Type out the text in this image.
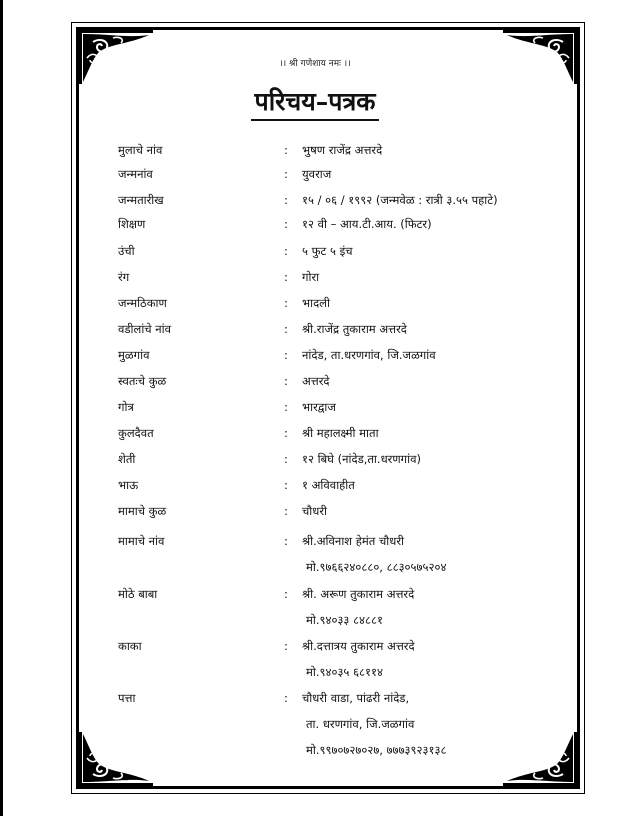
।। श्री गणेशाय नमः ।।
परिचय–पत्रक
मुलाचे नांव	: भुषण राजेंद्र अत्तरदे
जन्मनांव	: युवराज
जन्मतारीख	: १५ / ०६ / १९९२ (जन्मवेळ : रात्री ३.५५ पहाटे)
शिक्षण	: १२ वी – आय.टी.आय. (फिटर)
उंची	: ५ फुट ५ इंच
रंग	: गोरा
जन्मठिकाण	: भादली
वडीलांचे नांव	: श्री.राजेंद्र तुकाराम अत्तरदे
मुळगांव	: नांदेड, ता.धरणगांव, जि.जळगांव
स्वतःचे कुळ	: अत्तरदे
गोत्र	: भारद्वाज
कुलदैवत	: श्री महालक्ष्मी माता
शेती	: १२ बिघे (नांदेड,ता.धरणगांव)
भाऊ	: १ अविवाहीत
मामाचे कुळ	: चौधरी
मामाचे नांव	: श्री.अविनाश हेमंत चौधरी
मो.९७६६२४०८८०, ८८३०५७५२०४
मोठे बाबा	: श्री. अरूण तुकाराम अत्तरदे
मो.९४०३३ ८४८८१
काका	: श्री.दत्तात्रय तुकाराम अत्तरदे
मो.९४०३५ ६८११४
पत्ता	: चौधरी वाडा, पांढरी नांदेड,
ता. धरणगांव, जि.जळगांव
मो.९९७०७२७०२७, ७७७३९२३१३८
